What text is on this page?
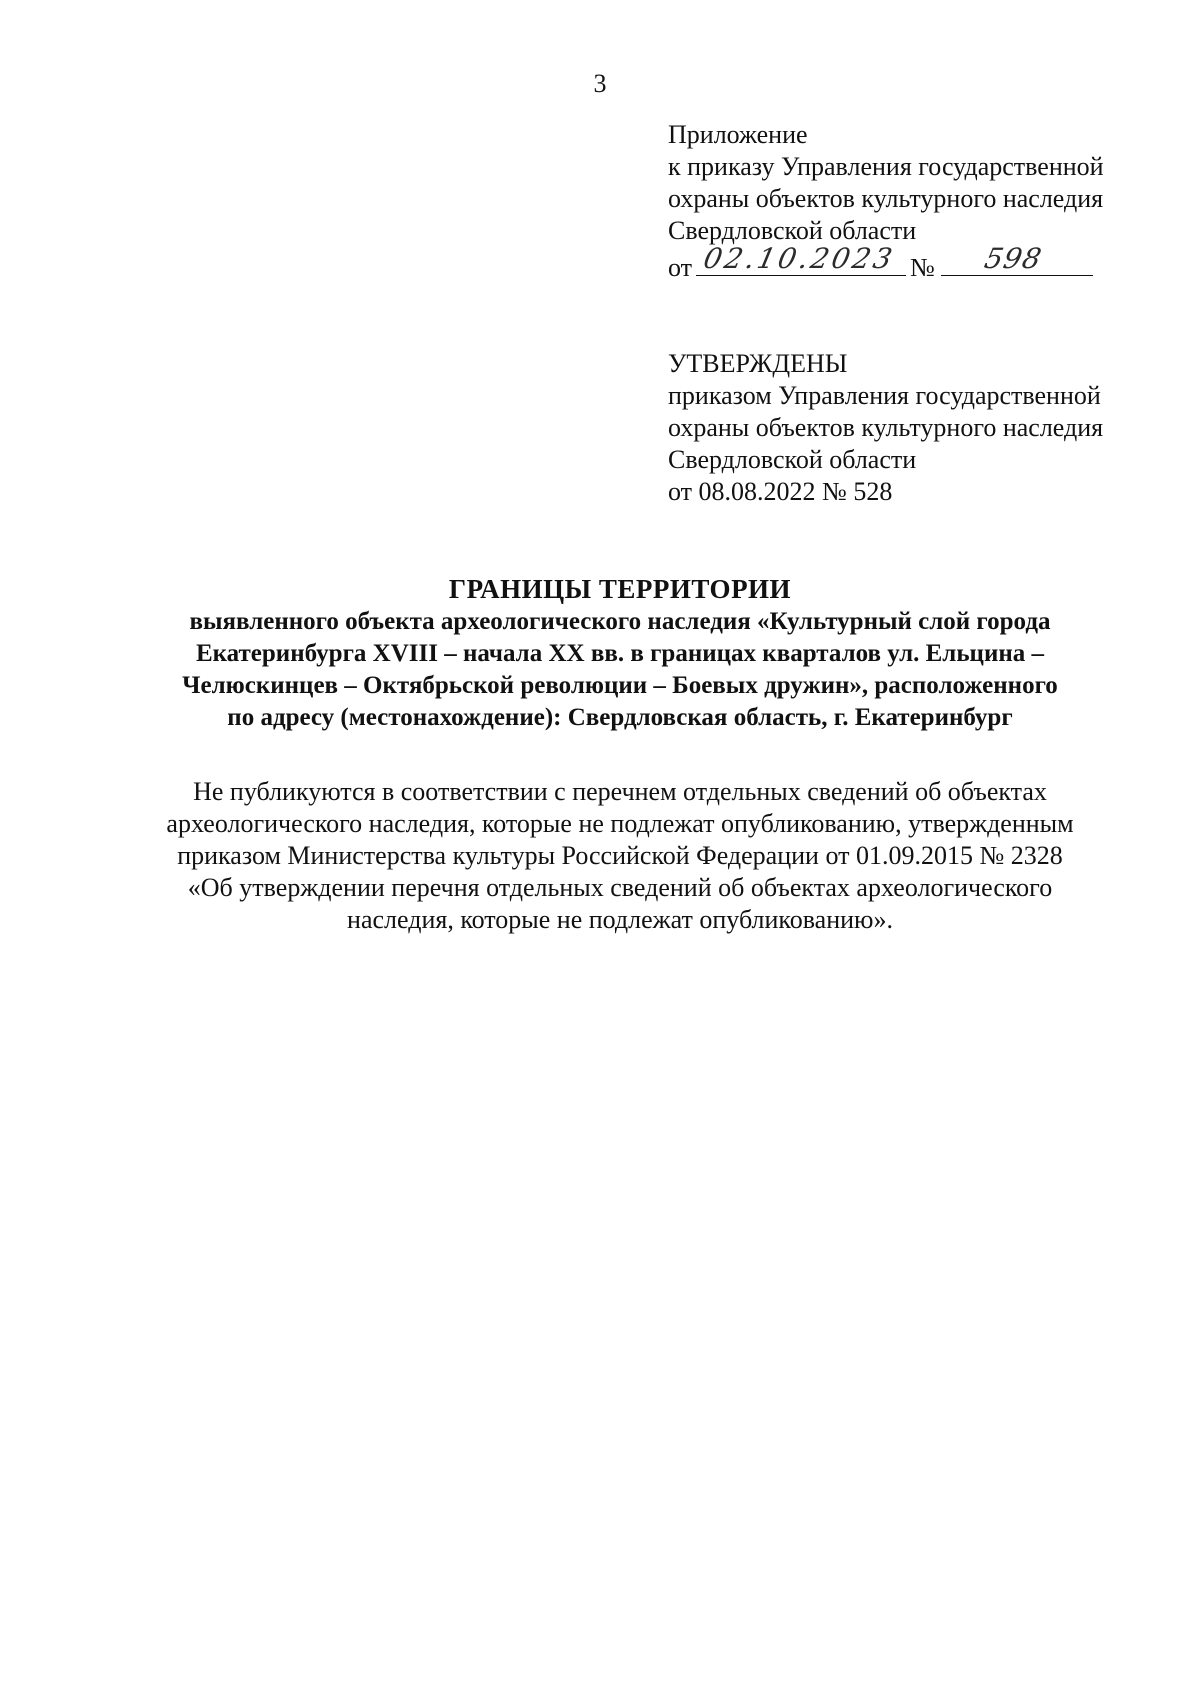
3
Приложение
к приказу Управления государственной
охраны объектов культурного наследия
Свердловской области
от 02.10.2023 № 598
УТВЕРЖДЕНЫ
приказом Управления государственной
охраны объектов культурного наследия
Свердловской области
от 08.08.2022 № 528
ГРАНИЦЫ ТЕРРИТОРИИ
выявленного объекта археологического наследия «Культурный слой города
Екатеринбурга XVIII – начала XX вв. в границах кварталов ул. Ельцина –
Челюскинцев – Октябрьской революции – Боевых дружин», расположенного
по адресу (местонахождение): Свердловская область, г. Екатеринбург
Не публикуются в соответствии с перечнем отдельных сведений об объектах
археологического наследия, которые не подлежат опубликованию, утвержденным
приказом Министерства культуры Российской Федерации от 01.09.2015 № 2328
«Об утверждении перечня отдельных сведений об объектах археологического
наследия, которые не подлежат опубликованию».
